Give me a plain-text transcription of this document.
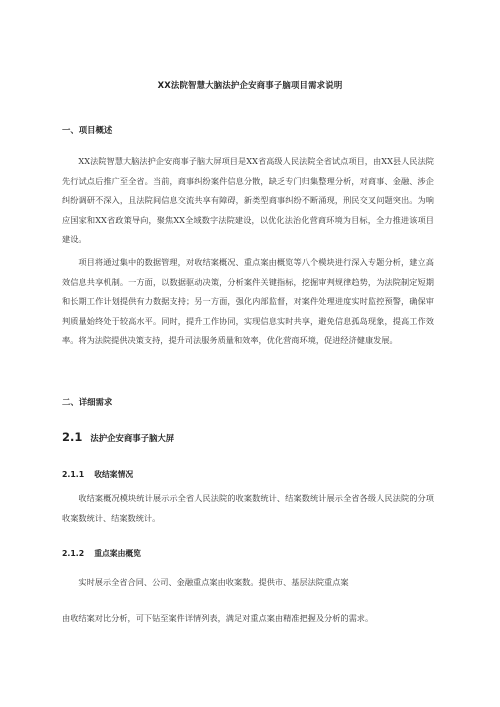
XX法院智慧大脑法护企安商事子脑项目需求说明
一、项目概述

XX法院智慧大脑法护企安商事子脑大屏项目是XX省高级人民法院全省试点项目，由XX县人民法院先行试点后推广至全省。当前，商事纠纷案件信息分散，缺乏专门归集整理分析，对商事、金融、涉企纠纷调研不深入，且法院间信息交流共享有障碍，新类型商事纠纷不断涌现，刑民交叉问题突出。为响应国家和XX省政策导向，聚焦XX全域数字法院建设，以优化法治化营商环境为目标，全力推进该项目建设。

项目将通过集中的数据管理，对收结案概况、重点案由概览等八个模块进行深入专题分析，建立高效信息共享机制。一方面，以数据驱动决策，分析案件关键指标，挖掘审判规律趋势，为法院制定短期和长期工作计划提供有力数据支持；另一方面，强化内部监督，对案件处理进度实时监控预警，确保审判质量始终处于较高水平。同时，提升工作协同，实现信息实时共享，避免信息孤岛现象，提高工作效率。将为法院提供决策支持，提升司法服务质量和效率，优化营商环境，促进经济健康发展。

二、详细需求
2.1 法护企安商事子脑大屏
2.1.1 收结案情况

收结案概况模块统计展示示全省人民法院的收案数统计、结案数统计展示全省各级人民法院的分项收案数统计、结案数统计。

2.1.2 重点案由概览

实时展示全省合同、公司、金融重点案由收案数。提供市、基层法院重点案

由收结案对比分析，可下钻至案件详情列表，满足对重点案由精准把握及分析的需求。
